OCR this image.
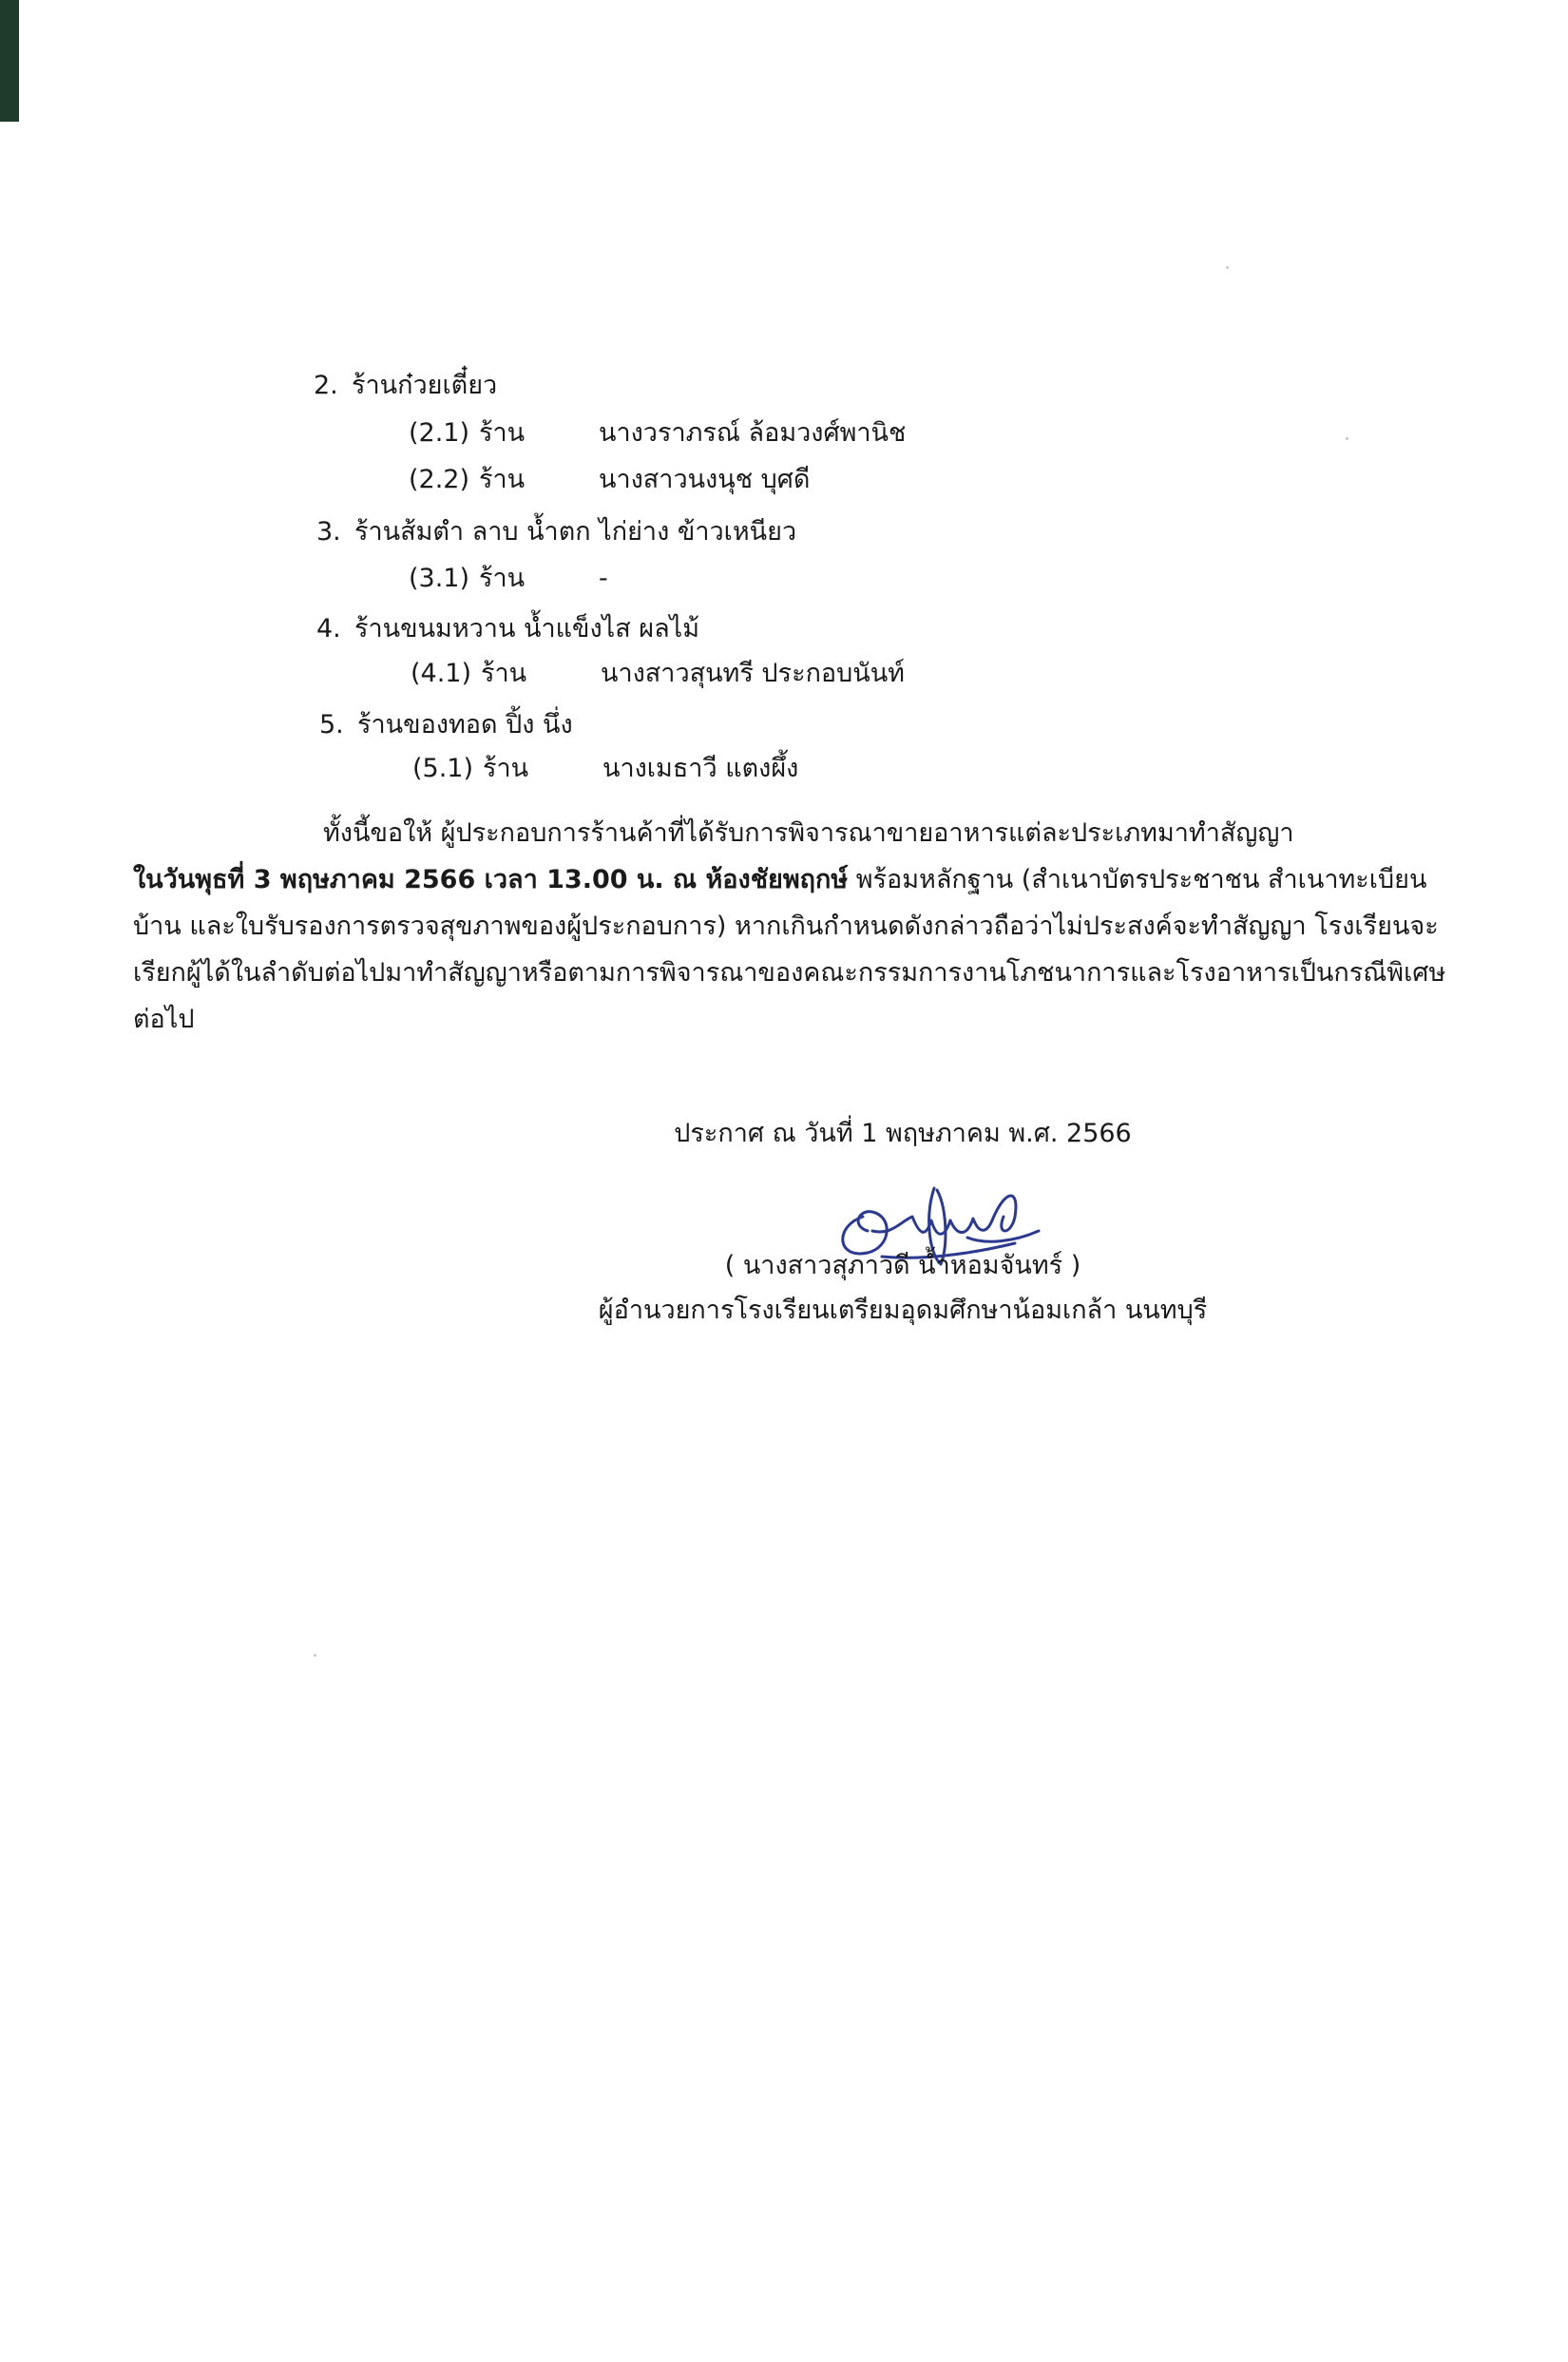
2. ร้านก๋วยเตี๋ยว
(2.1) ร้าน	นางวราภรณ์ ล้อมวงศ์พานิช
(2.2) ร้าน	นางสาวนงนุช บุศดี
3. ร้านส้มตำ ลาบ น้ำตก ไก่ย่าง ข้าวเหนียว
(3.1) ร้าน	-
4. ร้านขนมหวาน น้ำแข็งไส ผลไม้
(4.1) ร้าน	นางสาวสุนทรี ประกอบนันท์
5. ร้านของทอด ปิ้ง นึ่ง
(5.1) ร้าน	นางเมธาวี แตงผึ้ง
ทั้งนี้ขอให้ ผู้ประกอบการร้านค้าที่ได้รับการพิจารณาขายอาหารแต่ละประเภทมาทำสัญญา
ในวันพุธที่ 3 พฤษภาคม 2566 เวลา 13.00 น. ณ ห้องชัยพฤกษ์ พร้อมหลักฐาน (สำเนาบัตรประชาชน สำเนาทะเบียน
บ้าน และใบรับรองการตรวจสุขภาพของผู้ประกอบการ) หากเกินกำหนดดังกล่าวถือว่าไม่ประสงค์จะทำสัญญา โรงเรียนจะ
เรียกผู้ได้ในลำดับต่อไปมาทำสัญญาหรือตามการพิจารณาของคณะกรรมการงานโภชนาการและโรงอาหารเป็นกรณีพิเศษ
ต่อไป
ประกาศ ณ วันที่ 1 พฤษภาคม พ.ศ. 2566
( นางสาวสุภาวดี น้ำหอมจันทร์ )
ผู้อำนวยการโรงเรียนเตรียมอุดมศึกษาน้อมเกล้า นนทบุรี
